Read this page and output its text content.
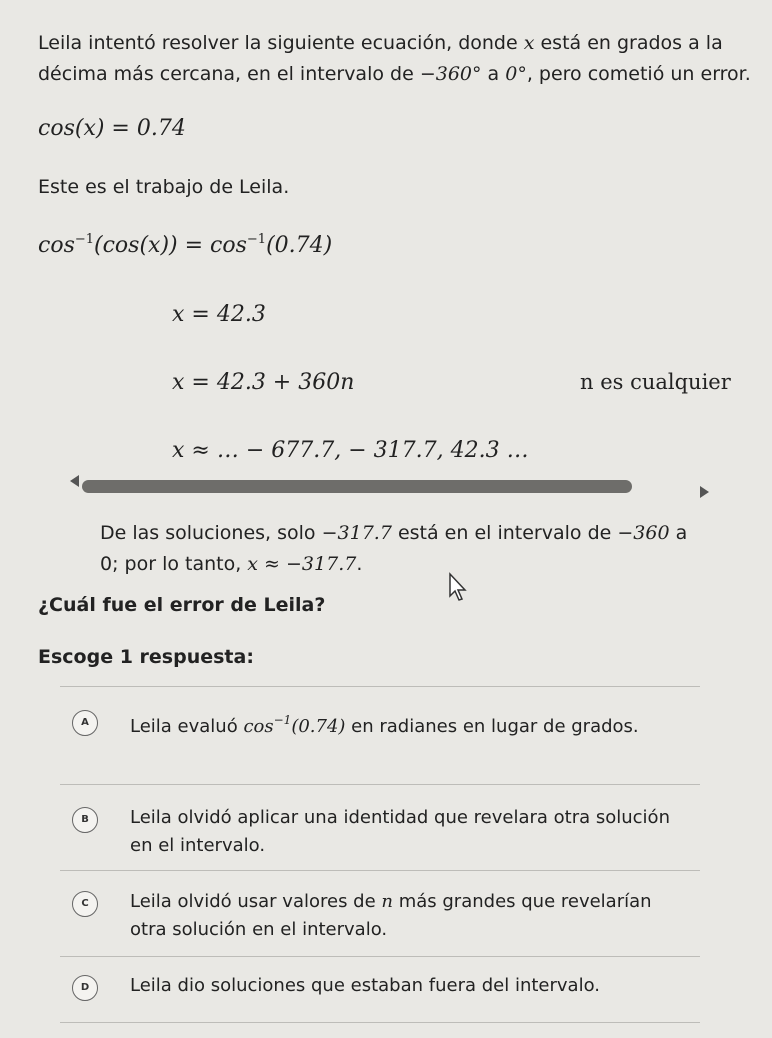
Leila intentó resolver la siguiente ecuación, donde x está en grados a la décima más cercana, en el intervalo de −360° a 0°, pero cometió un error.
cos(x) = 0.74
Este es el trabajo de Leila.
$\cos^{-1}(\cos(x)) = \cos^{-1}(0.74)$
x = 42.3
x = 42.3 + 360n	n es cualquier
x ≈ … − 677.7, − 317.7, 42.3 …
De las soluciones, solo −317.7 está en el intervalo de −360 a 0; por lo tanto, x ≈ −317.7.
¿Cuál fue el error de Leila?
Escoge 1 respuesta:
A	Leila evaluó $\cos^{-1}(0.74)$ en radianes en lugar de grados.
B	Leila olvidó aplicar una identidad que revelara otra solución en el intervalo.
C	Leila olvidó usar valores de n más grandes que revelarían otra solución en el intervalo.
D	Leila dio soluciones que estaban fuera del intervalo.
